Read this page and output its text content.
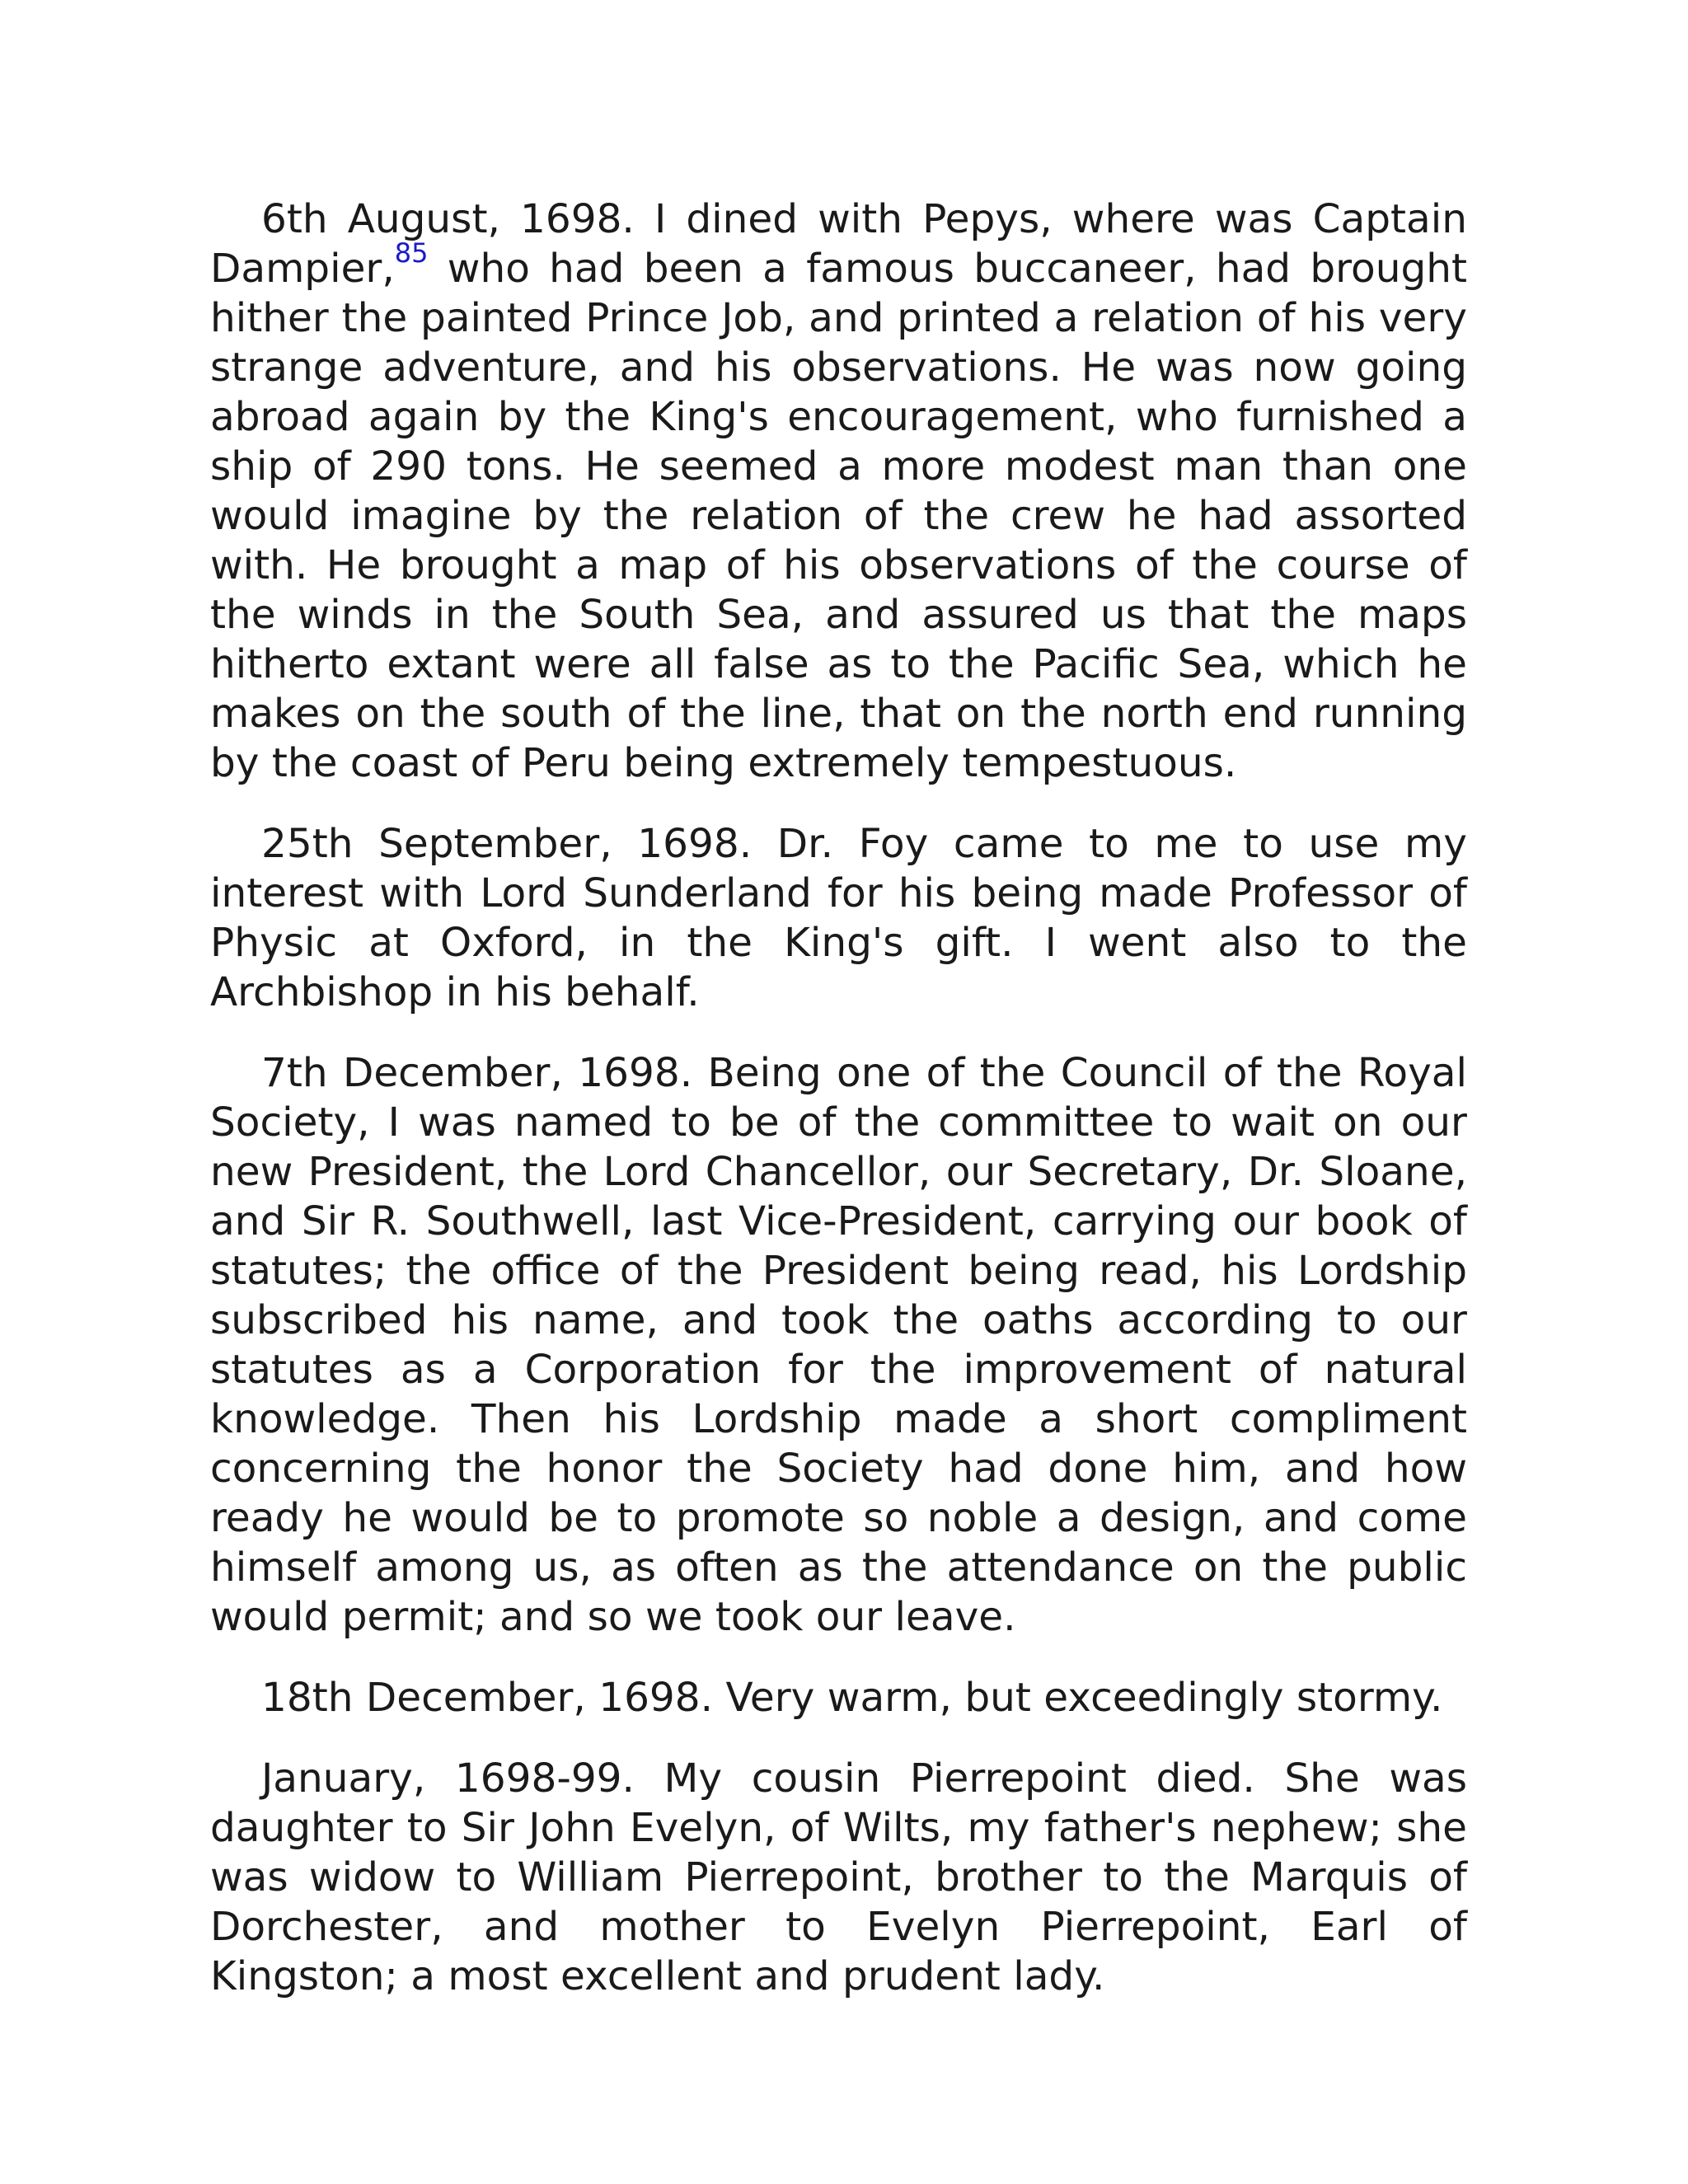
6th August, 1698. I dined with Pepys, where was Captain Dampier,$^{85}$ who had been a famous buccaneer, had brought hither the painted Prince Job, and printed a relation of his very strange adventure, and his observations. He was now going abroad again by the King's encouragement, who furnished a ship of 290 tons. He seemed a more modest man than one would imagine by the relation of the crew he had assorted with. He brought a map of his observations of the course of the winds in the South Sea, and assured us that the maps hitherto extant were all false as to the Pacific Sea, which he makes on the south of the line, that on the north end running by the coast of Peru being extremely tempestuous.

25th September, 1698. Dr. Foy came to me to use my interest with Lord Sunderland for his being made Professor of Physic at Oxford, in the King's gift. I went also to the Archbishop in his behalf.

7th December, 1698. Being one of the Council of the Royal Society, I was named to be of the committee to wait on our new President, the Lord Chancellor, our Secretary, Dr. Sloane, and Sir R. Southwell, last Vice-President, carrying our book of statutes; the office of the President being read, his Lordship subscribed his name, and took the oaths according to our statutes as a Corporation for the improvement of natural knowledge. Then his Lordship made a short compliment concerning the honor the Society had done him, and how ready he would be to promote so noble a design, and come himself among us, as often as the attendance on the public would permit; and so we took our leave.

18th December, 1698. Very warm, but exceedingly stormy.

January, 1698-99. My cousin Pierrepoint died. She was daughter to Sir John Evelyn, of Wilts, my father's nephew; she was widow to William Pierrepoint, brother to the Marquis of Dorchester, and mother to Evelyn Pierrepoint, Earl of Kingston; a most excellent and prudent lady.
